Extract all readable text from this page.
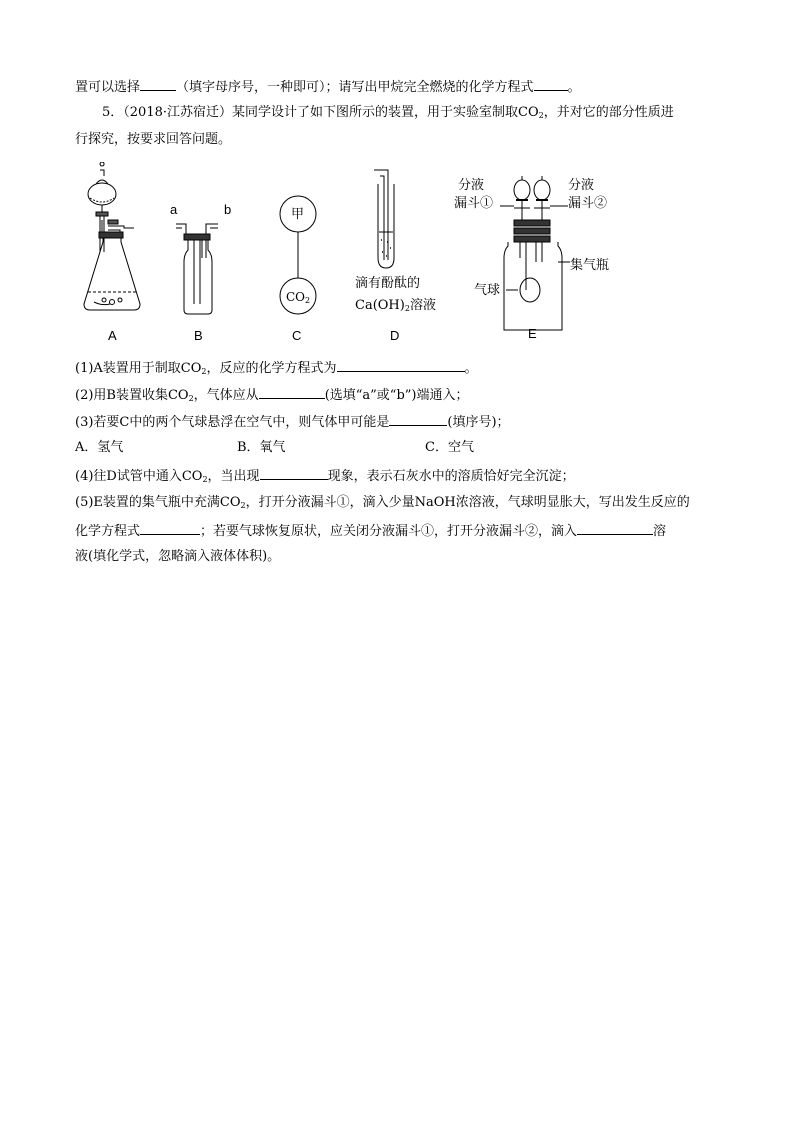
置可以选择	（填字母序号，一种即可）；请写出甲烷完全燃烧的化学方程式	。
5．（2018·江苏宿迁）某同学设计了如下图所示的装置，用于实验室制取$CO_2$，并对它的部分性质进
行探究，按要求回答问题。
a	b	甲
$CO_2$
滴有酚酞的
$Ca(OH)_2$溶液
分液
漏斗①
分液
漏斗②
集气瓶
气球
A	B	C	D	E
(1)A装置用于制取$CO_2$，反应的化学方程式为	。
(2)用B装置收集$CO_2$，气体应从	(选填“a”或“b”)端通入；
(3)若要C中的两个气球悬浮在空气中，则气体甲可能是	(填序号)；
A．氢气	B．氧气	C．空气
(4)往D试管中通入$CO_2$，当出现	现象，表示石灰水中的溶质恰好完全沉淀；
(5)E装置的集气瓶中充满$CO_2$，打开分液漏斗①，滴入少量NaOH浓溶液，气球明显胀大，写出发生反应的
化学方程式	；若要气球恢复原状，应关闭分液漏斗①，打开分液漏斗②，滴入	溶
液(填化学式，忽略滴入液体体积)。
